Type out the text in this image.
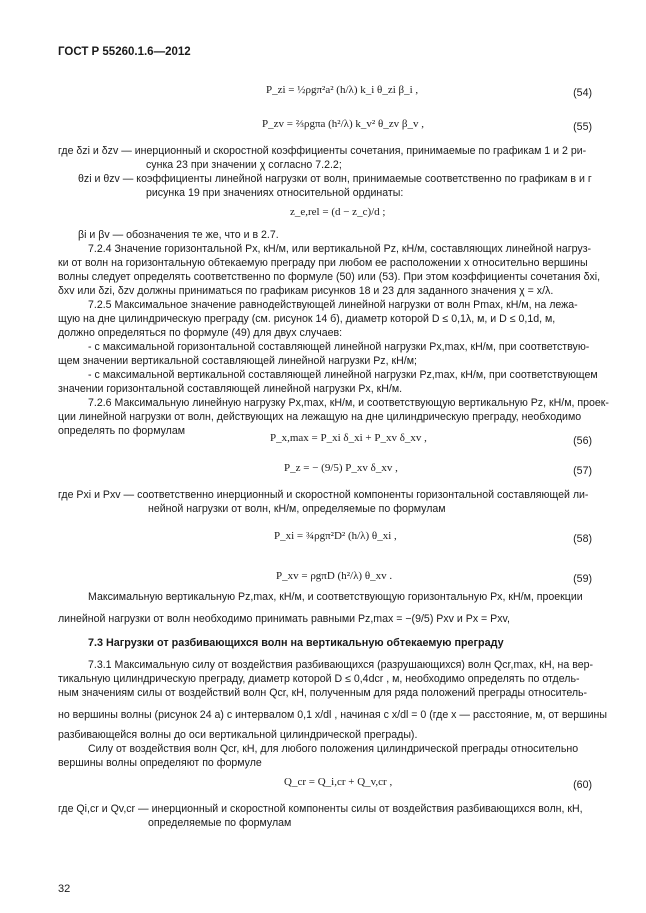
ГОСТ Р 55260.1.6—2012
P_zi = ½ρgπ²a² (h/λ) k_i θ_zi β_i ,	(54)
P_zv = ⅔ρgπa (h²/λ) k_v² θ_zv β_v ,	(55)
где δzi и δzv — инерционный и скоростной коэффициенты сочетания, принимаемые по графикам 1 и 2 ри-
сунка 23 при значении χ согласно 7.2.2;
θzi и θzv — коэффициенты линейной нагрузки от волн, принимаемые соответственно по графикам в и г
рисунка 19 при значениях относительной ординаты:
z_e,rel = (d − z_c)/d ;
βi и βv — обозначения те же, что и в 2.7.
7.2.4 Значение горизонтальной Px, кН/м, или вертикальной Pz, кН/м, составляющих линейной нагруз-
ки от волн на горизонтальную обтекаемую преграду при любом ее расположении x относительно вершины
волны следует определять соответственно по формуле (50) или (53). При этом коэффициенты сочетания δxi,
δxv или δzi, δzv должны приниматься по графикам рисунков 18 и 23 для заданного значения χ = x/λ.
7.2.5 Максимальное значение равнодействующей линейной нагрузки от волн Pmax, кН/м, на лежа-
щую на дне цилиндрическую преграду (см. рисунок 14 б), диаметр которой D ≤ 0,1λ, м, и D ≤ 0,1d, м,
должно определяться по формуле (49) для двух случаев:
- с максимальной горизонтальной составляющей линейной нагрузки Px,max, кН/м, при соответствую-
щем значении вертикальной составляющей линейной нагрузки Pz, кН/м;
- с максимальной вертикальной составляющей линейной нагрузки Pz,max, кН/м, при соответствующем
значении горизонтальной составляющей линейной нагрузки Px, кН/м.
7.2.6 Максимальную линейную нагрузку Px,max, кН/м, и соответствующую вертикальную Pz, кН/м, проек-
ции линейной нагрузки от волн, действующих на лежащую на дне цилиндрическую преграду, необходимо
определять по формулам
P_x,max = P_xi δ_xi + P_xv δ_xv ,	(56)
P_z = − (9/5) P_xv δ_xv ,	(57)
где Pxi и Pxv — соответственно инерционный и скоростной компоненты горизонтальной составляющей ли-
нейной нагрузки от волн, кН/м, определяемые по формулам
P_xi = ¾ρgπ²D² (h/λ) θ_xi ,	(58)
P_xv = ρgπD (h²/λ) θ_xv .	(59)
Максимальную вертикальную Pz,max, кН/м, и соответствующую горизонтальную Px, кН/м, проекции
линейной нагрузки от волн необходимо принимать равными Pz,max = −(9/5) Pxv и Px = Pxv,
7.3 Нагрузки от разбивающихся волн на вертикальную обтекаемую преграду
7.3.1 Максимальную силу от воздействия разбивающихся (разрушающихся) волн Qcr,max, кН, на вер-
тикальную цилиндрическую преграду, диаметр которой D ≤ 0,4dcr , м, необходимо определять по отдель-
ным значениям силы от воздействий волн Qcr, кН, полученным для ряда положений преграды относитель-
но вершины волны (рисунок 24 а) с интервалом 0,1 x/dl , начиная с x/dl = 0 (где x — расстояние, м, от вершины
разбивающейся волны до оси вертикальной цилиндрической преграды).
Силу от воздействия волн Qcr, кН, для любого положения цилиндрической преграды относительно
вершины волны определяют по формуле
Q_cr = Q_i,cr + Q_v,cr ,	(60)
где Qi,cr и Qv,cr — инерционный и скоростной компоненты силы от воздействия разбивающихся волн, кН,
определяемые по формулам
32
